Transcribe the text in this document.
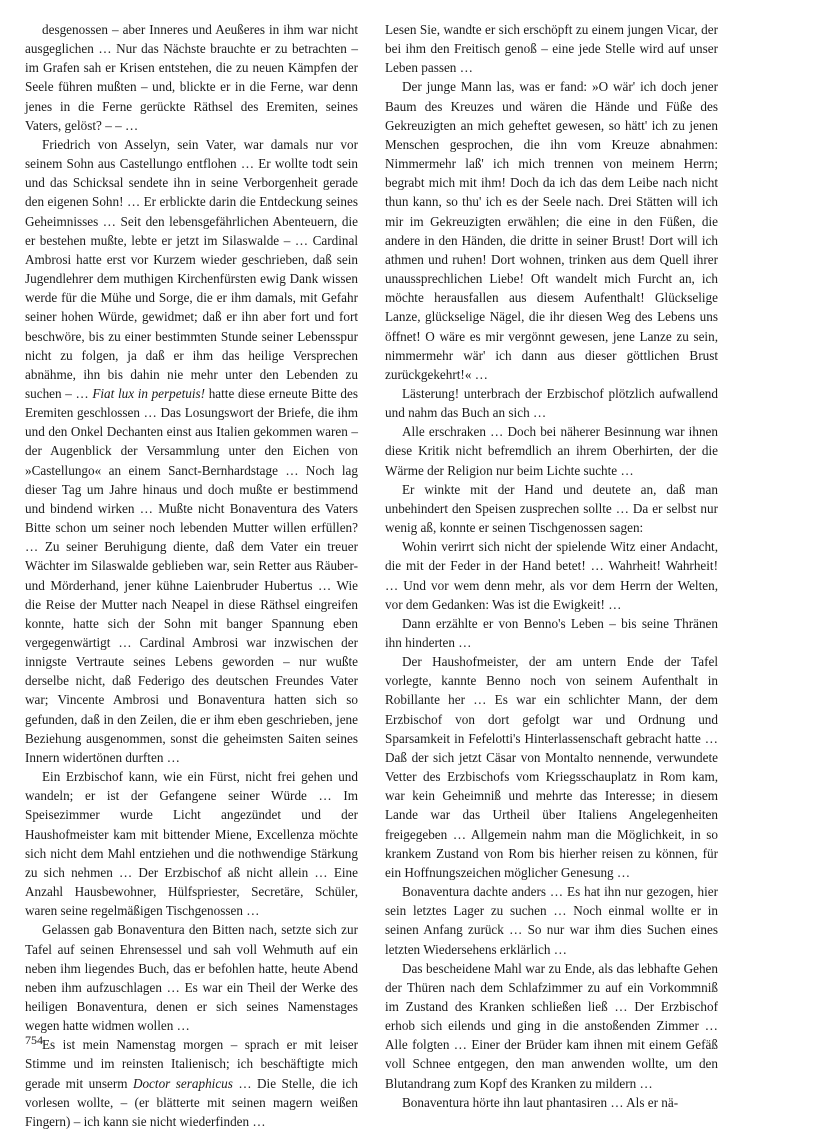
desgenossen – aber Inneres und Aeußeres in ihm war nicht ausgeglichen … Nur das Nächste brauchte er zu betrachten – im Grafen sah er Krisen entstehen, die zu neuen Kämpfen der Seele führen mußten – und, blickte er in die Ferne, war denn jenes in die Ferne gerückte Räthsel des Eremiten, seines Vaters, gelöst? – – …

Friedrich von Asselyn, sein Vater, war damals nur vor seinem Sohn aus Castellungo entflohen … Er wollte todt sein und das Schicksal sendete ihn in seine Verborgenheit gerade den eigenen Sohn! … Er erblickte darin die Entdeckung seines Geheimnisses … Seit den lebensgefährlichen Abenteuern, die er bestehen mußte, lebte er jetzt im Silaswalde – … Cardinal Ambrosi hatte erst vor Kurzem wieder geschrieben, daß sein Jugendlehrer dem muthigen Kirchenfürsten ewig Dank wissen werde für die Mühe und Sorge, die er ihm damals, mit Gefahr seiner hohen Würde, gewidmet; daß er ihn aber fort und fort beschwöre, bis zu einer bestimmten Stunde seiner Lebensspur nicht zu folgen, ja daß er ihm das heilige Versprechen abnähme, ihn bis dahin nie mehr unter den Lebenden zu suchen – … Fiat lux in perpetuis! hatte diese erneute Bitte des Eremiten geschlossen … Das Losungswort der Briefe, die ihm und den Onkel Dechanten einst aus Italien gekommen waren – der Augenblick der Versammlung unter den Eichen von »Castellungo« an einem Sanct-Bernhardstage … Noch lag dieser Tag um Jahre hinaus und doch mußte er bestimmend und bindend wirken … Mußte nicht Bonaventura des Vaters Bitte schon um seiner noch lebenden Mutter willen erfüllen? … Zu seiner Beruhigung diente, daß dem Vater ein treuer Wächter im Silaswalde geblieben war, sein Retter aus Räuber- und Mörderhand, jener kühne Laienbruder Hubertus … Wie die Reise der Mutter nach Neapel in diese Räthsel eingreifen konnte, hatte sich der Sohn mit banger Spannung eben vergegenwärtigt … Cardinal Ambrosi war inzwischen der innigste Vertraute seines Lebens geworden – nur wußte derselbe nicht, daß Federigo des deutschen Freundes Vater war; Vincente Ambrosi und Bonaventura hatten sich so gefunden, daß in den Zeilen, die er ihm eben geschrieben, jene Beziehung ausgenommen, sonst die geheimsten Saiten seines Innern widertönen durften …

Ein Erzbischof kann, wie ein Fürst, nicht frei gehen und wandeln; er ist der Gefangene seiner Würde … Im Speisezimmer wurde Licht angezündet und der Haushofmeister kam mit bittender Miene, Excellenza möchte sich nicht dem Mahl entziehen und die nothwendige Stärkung zu sich nehmen … Der Erzbischof aß nicht allein … Eine Anzahl Hausbewohner, Hülfspriester, Secretäre, Schüler, waren seine regelmäßigen Tischgenossen …

Gelassen gab Bonaventura den Bitten nach, setzte sich zur Tafel auf seinen Ehrensessel und sah voll Wehmuth auf ein neben ihm liegendes Buch, das er befohlen hatte, heute Abend neben ihm aufzuschlagen … Es war ein Theil der Werke des heiligen Bonaventura, denen er sich seines Namenstages wegen hatte widmen wollen …

Es ist mein Namenstag morgen – sprach er mit leiser Stimme und im reinsten Italienisch; ich beschäftigte mich gerade mit unserm Doctor seraphicus … Die Stelle, die ich vorlesen wollte, – (er blätterte mit seinen magern weißen Fingern) – ich kann sie nicht wiederfinden …

Lesen Sie, wandte er sich erschöpft zu einem jungen Vicar, der bei ihm den Freitisch genoß – eine jede Stelle wird auf unser Leben passen …

Der junge Mann las, was er fand: »O wär' ich doch jener Baum des Kreuzes und wären die Hände und Füße des Gekreuzigten an mich geheftet gewesen, so hätt' ich zu jenen Menschen gesprochen, die ihn vom Kreuze abnahmen: Nimmermehr laß' ich mich trennen von meinem Herrn; begrabt mich mit ihm! Doch da ich das dem Leibe nach nicht thun kann, so thu' ich es der Seele nach. Drei Stätten will ich mir im Gekreuzigten erwählen; die eine in den Füßen, die andere in den Händen, die dritte in seiner Brust! Dort will ich athmen und ruhen! Dort wohnen, trinken aus dem Quell ihrer unaussprechlichen Liebe! Oft wandelt mich Furcht an, ich möchte herausfallen aus diesem Aufenthalt! Glückselige Lanze, glückselige Nägel, die ihr diesen Weg des Lebens uns öffnet! O wäre es mir vergönnt gewesen, jene Lanze zu sein, nimmermehr wär' ich dann aus dieser göttlichen Brust zurückgekehrt!« …

Lästerung! unterbrach der Erzbischof plötzlich aufwallend und nahm das Buch an sich …

Alle erschraken … Doch bei näherer Besinnung war ihnen diese Kritik nicht befremdlich an ihrem Oberhirten, der die Wärme der Religion nur beim Lichte suchte …

Er winkte mit der Hand und deutete an, daß man unbehindert den Speisen zusprechen sollte … Da er selbst nur wenig aß, konnte er seinen Tischgenossen sagen:

Wohin verirrt sich nicht der spielende Witz einer Andacht, die mit der Feder in der Hand betet! … Wahrheit! Wahrheit! … Und vor wem denn mehr, als vor dem Herrn der Welten, vor dem Gedanken: Was ist die Ewigkeit! …

Dann erzählte er von Benno's Leben – bis seine Thränen ihn hinderten …

Der Haushofmeister, der am untern Ende der Tafel vorlegte, kannte Benno noch von seinem Aufenthalt in Robillante her … Es war ein schlichter Mann, der dem Erzbischof von dort gefolgt war und Ordnung und Sparsamkeit in Fefelotti's Hinterlassenschaft gebracht hatte … Daß der sich jetzt Cäsar von Montalto nennende, verwundete Vetter des Erzbischofs vom Kriegsschauplatz in Rom kam, war kein Geheimniß und mehrte das Interesse; in diesem Lande war das Urtheil über Italiens Angelegenheiten freigegeben … Allgemein nahm man die Möglichkeit, in so krankem Zustand von Rom bis hierher reisen zu können, für ein Hoffnungszeichen möglicher Genesung …

Bonaventura dachte anders … Es hat ihn nur gezogen, hier sein letztes Lager zu suchen … Noch einmal wollte er in seinen Anfang zurück … So nur war ihm dies Suchen eines letzten Wiedersehens erklärlich …

Das bescheidene Mahl war zu Ende, als das lebhafte Gehen der Thüren nach dem Schlafzimmer zu auf ein Vorkommniß im Zustand des Kranken schließen ließ … Der Erzbischof erhob sich eilends und ging in die anstoßenden Zimmer … Alle folgten … Einer der Brüder kam ihnen mit einem Gefäß voll Schnee entgegen, den man anwenden wollte, um den Blutandrang zum Kopf des Kranken zu mildern …

Bonaventura hörte ihn laut phantasiren … Als er nä-

754
